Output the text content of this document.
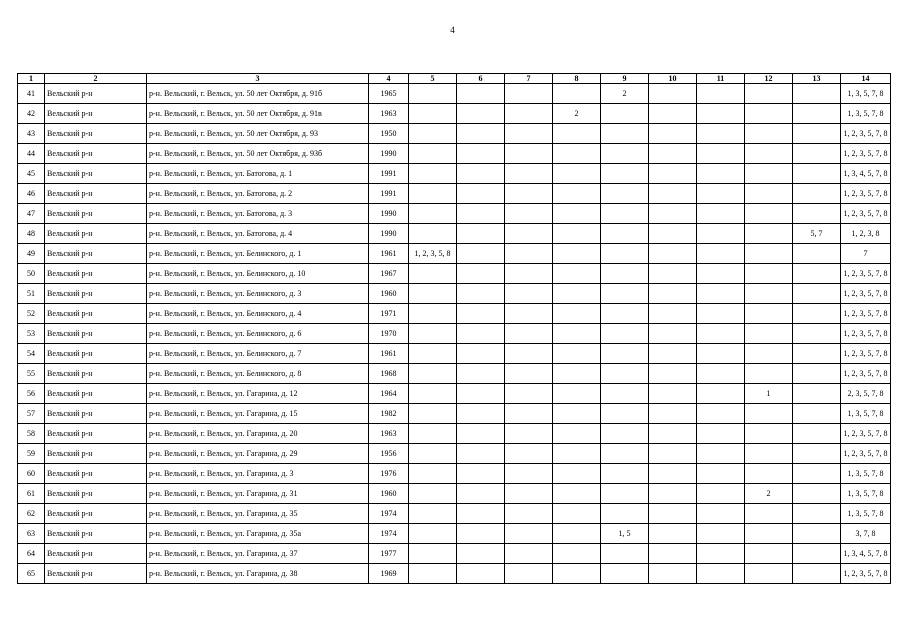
4
1	2	3	4	5	6	7	8	9	10	11	12	13	14
41	Вельский р-н	р-н. Вельский, г. Вельск, ул. 50 лет Октября, д. 91б	1965					2					1, 3, 5, 7, 8
42	Вельский р-н	р-н. Вельский, г. Вельск, ул. 50 лет Октября, д. 91в	1963				2						1, 3, 5, 7, 8
43	Вельский р-н	р-н. Вельский, г. Вельск, ул. 50 лет Октября, д. 93	1950										1, 2, 3, 5, 7, 8
44	Вельский р-н	р-н. Вельский, г. Вельск, ул. 50 лет Октября, д. 93б	1990										1, 2, 3, 5, 7, 8
45	Вельский р-н	р-н. Вельский, г. Вельск, ул. Батогова, д. 1	1991										1, 3, 4, 5, 7, 8
46	Вельский р-н	р-н. Вельский, г. Вельск, ул. Батогова, д. 2	1991										1, 2, 3, 5, 7, 8
47	Вельский р-н	р-н. Вельский, г. Вельск, ул. Батогова, д. 3	1990										1, 2, 3, 5, 7, 8
48	Вельский р-н	р-н. Вельский, г. Вельск, ул. Батогова, д. 4	1990									5, 7	1, 2, 3, 8
49	Вельский р-н	р-н. Вельский, г. Вельск, ул. Белинского, д. 1	1961	1, 2, 3, 5, 8									7
50	Вельский р-н	р-н. Вельский, г. Вельск, ул. Белинского, д. 10	1967										1, 2, 3, 5, 7, 8
51	Вельский р-н	р-н. Вельский, г. Вельск, ул. Белинского, д. 3	1960										1, 2, 3, 5, 7, 8
52	Вельский р-н	р-н. Вельский, г. Вельск, ул. Белинского, д. 4	1971										1, 2, 3, 5, 7, 8
53	Вельский р-н	р-н. Вельский, г. Вельск, ул. Белинского, д. 6	1970										1, 2, 3, 5, 7, 8
54	Вельский р-н	р-н. Вельский, г. Вельск, ул. Белинского, д. 7	1961										1, 2, 3, 5, 7, 8
55	Вельский р-н	р-н. Вельский, г. Вельск, ул. Белинского, д. 8	1968										1, 2, 3, 5, 7, 8
56	Вельский р-н	р-н. Вельский, г. Вельск, ул. Гагарина, д. 12	1964								1		2, 3, 5, 7, 8
57	Вельский р-н	р-н. Вельский, г. Вельск, ул. Гагарина, д. 15	1982										1, 3, 5, 7, 8
58	Вельский р-н	р-н. Вельский, г. Вельск, ул. Гагарина, д. 20	1963										1, 2, 3, 5, 7, 8
59	Вельский р-н	р-н. Вельский, г. Вельск, ул. Гагарина, д. 29	1956										1, 2, 3, 5, 7, 8
60	Вельский р-н	р-н. Вельский, г. Вельск, ул. Гагарина, д. 3	1976										1, 3, 5, 7, 8
61	Вельский р-н	р-н. Вельский, г. Вельск, ул. Гагарина, д. 31	1960								2		1, 3, 5, 7, 8
62	Вельский р-н	р-н. Вельский, г. Вельск, ул. Гагарина, д. 35	1974										1, 3, 5, 7, 8
63	Вельский р-н	р-н. Вельский, г. Вельск, ул. Гагарина, д. 35а	1974					1, 5					3, 7, 8
64	Вельский р-н	р-н. Вельский, г. Вельск, ул. Гагарина, д. 37	1977										1, 3, 4, 5, 7, 8
65	Вельский р-н	р-н. Вельский, г. Вельск, ул. Гагарина, д. 38	1969										1, 2, 3, 5, 7, 8
